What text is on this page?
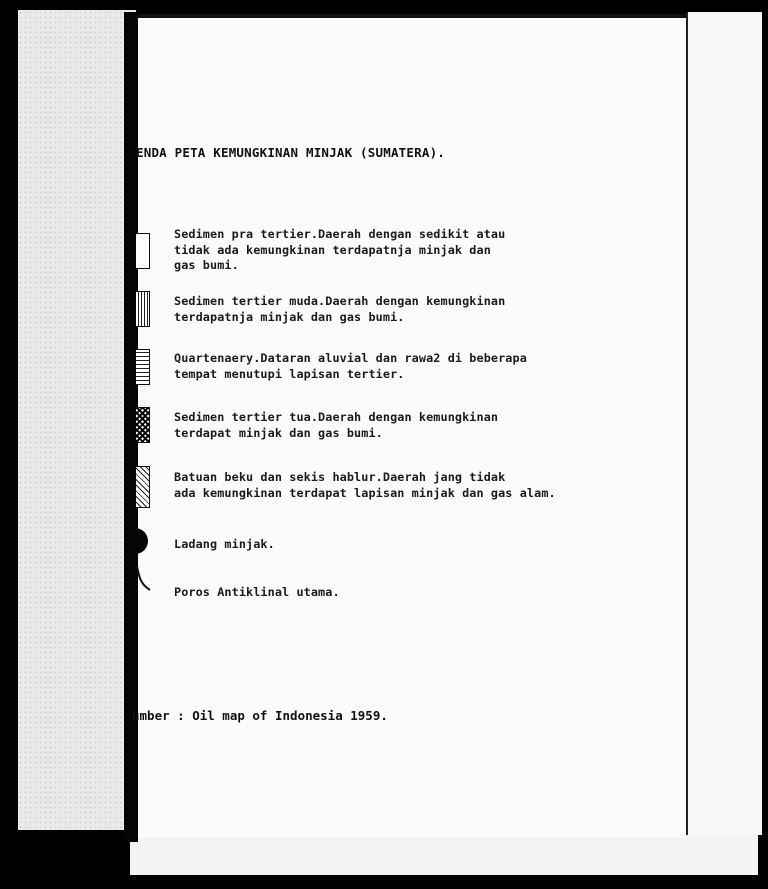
ENDA PETA KEMUNGKINAN MINJAK (SUMATERA).
Sedimen pra tertier.Daerah dengan sedikit atau
tidak ada kemungkinan terdapatnja minjak dan
gas bumi.
Sedimen tertier muda.Daerah dengan kemungkinan
terdapatnja minjak dan gas bumi.
Quartenaery.Dataran aluvial dan rawa2 di beberapa
tempat menutupi lapisan tertier.
Sedimen tertier tua.Daerah dengan kemungkinan
terdapat minjak dan gas bumi.
Batuan beku dan sekis hablur.Daerah jang tidak
ada kemungkinan terdapat lapisan minjak dan gas alam.
Ladang minjak.
Poros Antiklinal utama.
umber : Oil map of Indonesia 1959.
